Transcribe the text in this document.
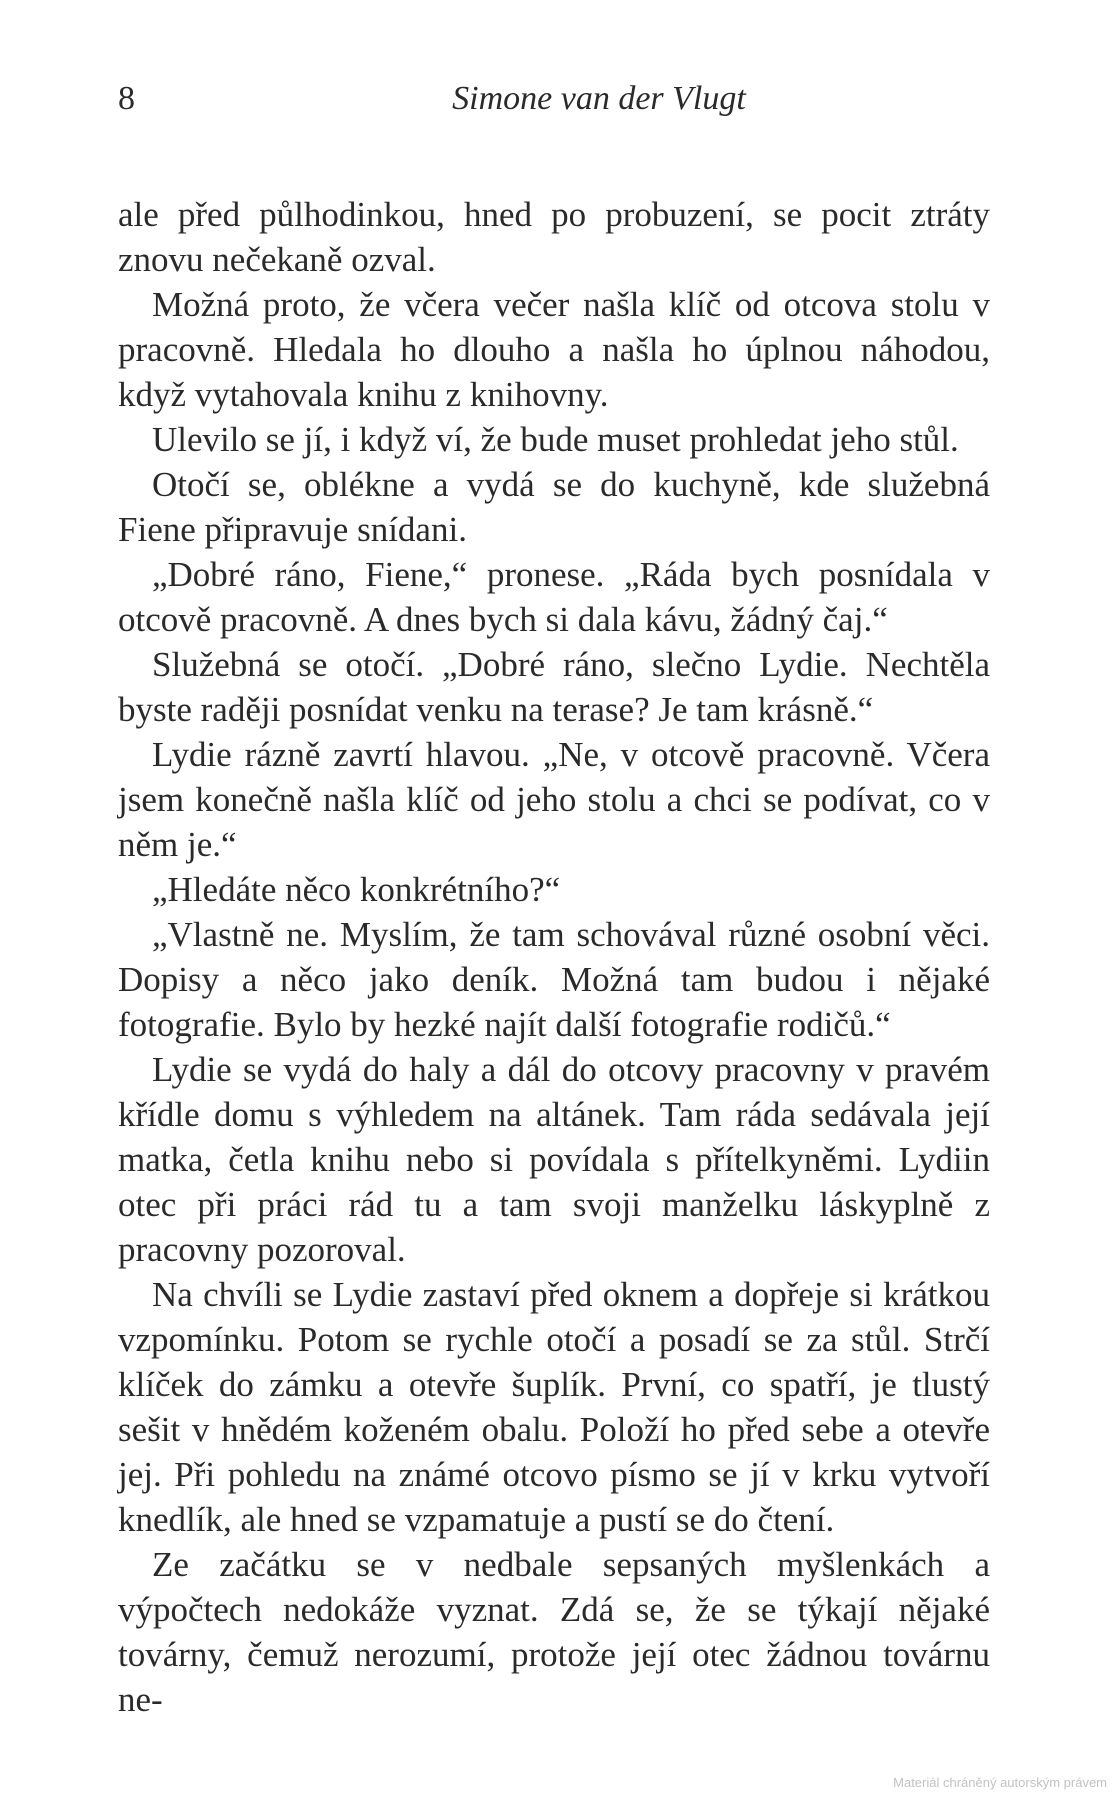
8	Simone van der Vlugt

ale před půlhodinkou, hned po probuzení, se pocit ztráty znovu nečekaně ozval.

Možná proto, že včera večer našla klíč od otcova stolu v pracovně. Hledala ho dlouho a našla ho úplnou náhodou, když vytahovala knihu z knihovny.

Ulevilo se jí, i když ví, že bude muset prohledat jeho stůl.

Otočí se, obléknе a vydá se do kuchyně, kde služebná Fiene připravuje snídani.

„Dobré ráno, Fiene,“ pronese. „Ráda bych posnídala v otcově pracovně. A dnes bych si dala kávu, žádný čaj.“

Služebná se otočí. „Dobré ráno, slečno Lydie. Nechtěla byste raději posnídat venku na terase? Je tam krásně.“

Lydie rázně zavrtí hlavou. „Ne, v otcově pracovně. Včera jsem konečně našla klíč od jeho stolu a chci se podívat, co v něm je.“

„Hledáte něco konkrétního?“

„Vlastně ne. Myslím, že tam schovával různé osobní věci. Dopisy a něco jako deník. Možná tam budou i nějaké fotografie. Bylo by hezké najít další fotografie rodičů.“

Lydie se vydá do haly a dál do otcovy pracovny v pravém křídle domu s výhledem na altánek. Tam ráda sedávala její matka, četla knihu nebo si povídala s přítelkyněmi. Lydiin otec při práci rád tu a tam svoji manželku láskyplně z pracovny pozoroval.

Na chvíli se Lydie zastaví před oknem a dopřeje si krátkou vzpomínku. Potom se rychle otočí a posadí se za stůl. Strčí klíček do zámku a otevře šuplík. První, co spatří, je tlustý sešit v hnědém koženém obalu. Položí ho před sebe a otevře jej. Při pohledu na známé otcovo písmo se jí v krku vytvoří knedlík, ale hned se vzpamatuje a pustí se do čtení.

Ze začátku se v nedbale sepsaných myšlenkách a výpočtech nedokáže vyznat. Zdá se, že se týkají nějaké továrny, čemuž nerozumí, protože její otec žádnou továrnu ne-

Materiál chráněný autorským právem
